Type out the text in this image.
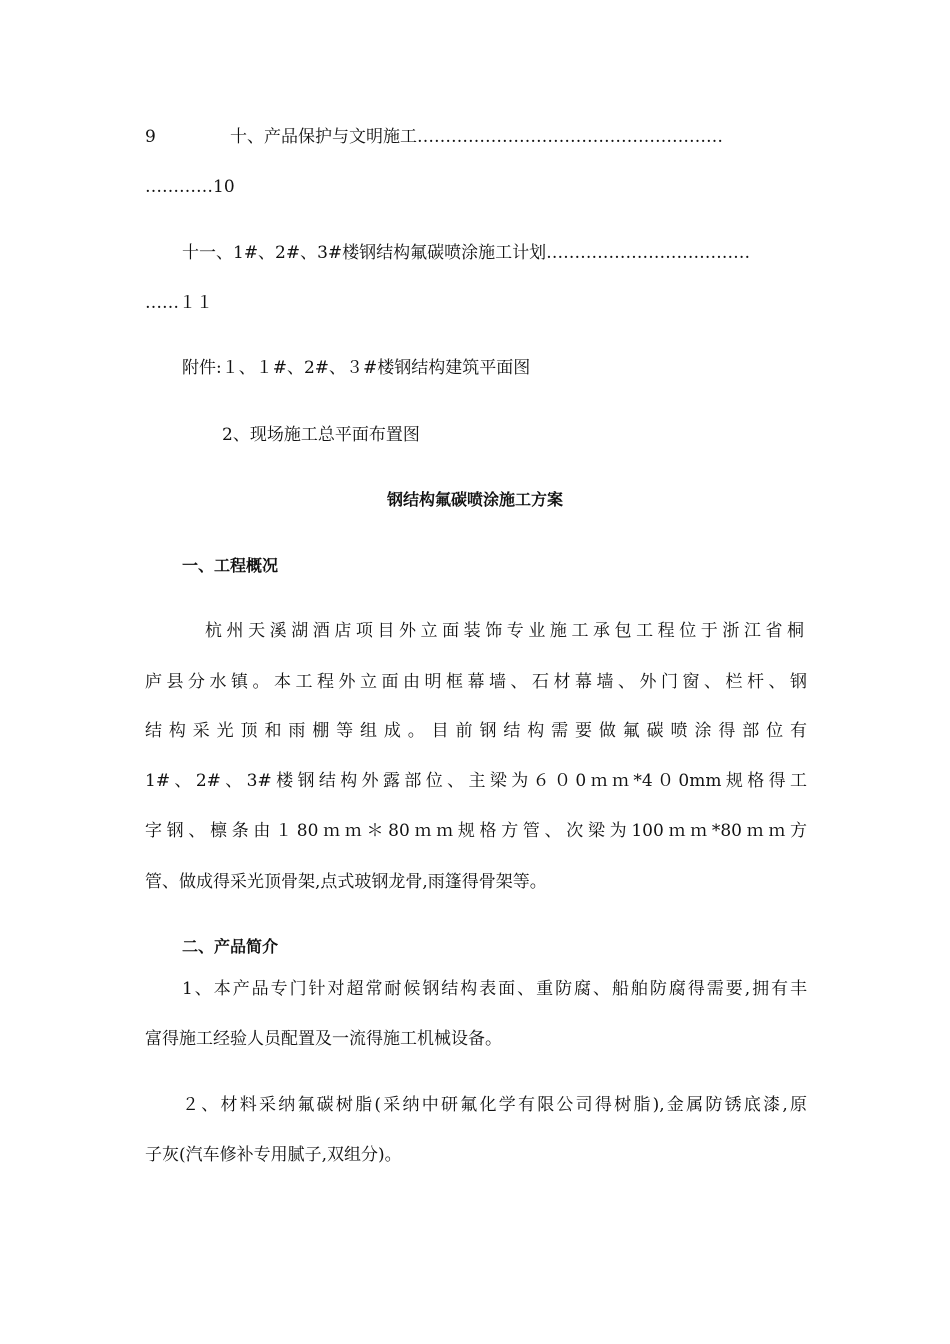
9	十、产品保护与文明施工………………………………………………
…………10
十一、1#、2#、3#楼钢结构氟碳喷涂施工计划………………………………
……１１
附件:１、１#、2#、３#楼钢结构建筑平面图
2、现场施工总平面布置图
钢结构氟碳喷涂施工方案
一、工程概况
杭州天溪湖酒店项目外立面装饰专业施工承包工程位于浙江省桐
庐县分水镇。本工程外立面由明框幕墙、石材幕墙、外门窗、栏杆、钢
结构采光顶和雨棚等组成。目前钢结构需要做氟碳喷涂得部位有
1#、2#、3#楼钢结构外露部位、主梁为６０0ｍｍ*4０0mm规格得工
字钢、檩条由１80ｍｍ＊80ｍｍ规格方管、次梁为100ｍｍ*80ｍｍ方
管、做成得采光顶骨架,点式玻钢龙骨,雨篷得骨架等。
二、产品简介
1、本产品专门针对超常耐候钢结构表面、重防腐、船舶防腐得需要,拥有丰
富得施工经验人员配置及一流得施工机械设备。
２、材料采纳氟碳树脂(采纳中研氟化学有限公司得树脂),金属防锈底漆,原
子灰(汽车修补专用腻子,双组分)。
